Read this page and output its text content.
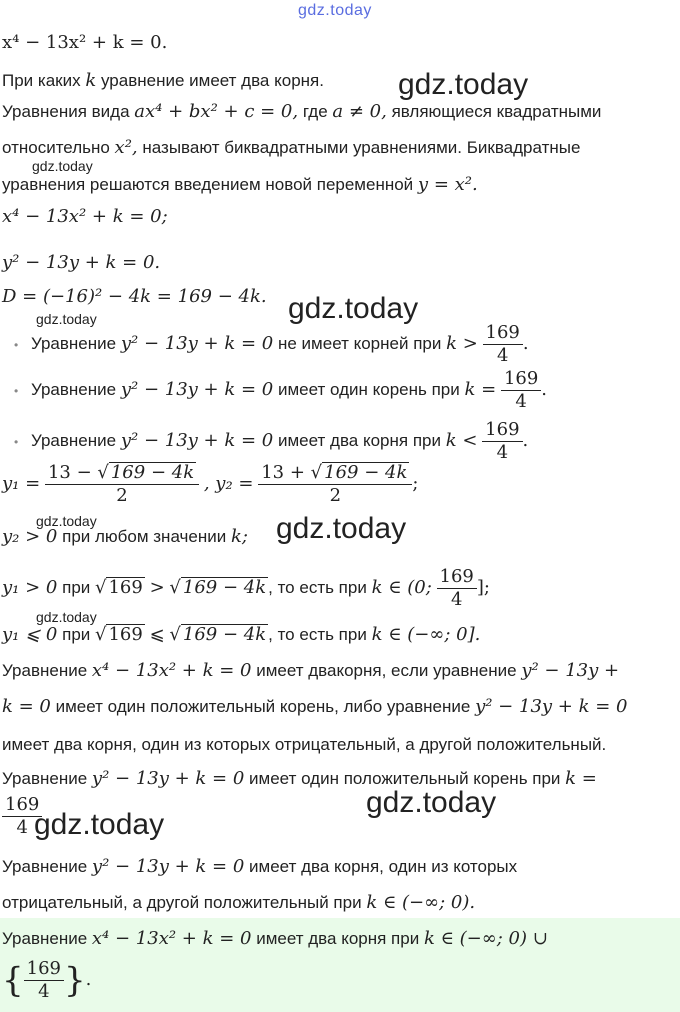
gdz.today
x⁴ − 13x² + k = 0.
При каких k уравнение имеет два корня. gdz.today
Уравнения вида ax⁴ + bx² + c = 0, где a ≠ 0, являющиеся квадратными
относительно x², называют биквадратными уравнениями. Биквадратные
gdz.today
уравнения решаются введением новой переменной y = x².
x⁴ − 13x² + k = 0;
y² − 13y + k = 0.
D = (−16)² − 4k = 169 − 4k. gdz.today
gdz.today
• Уравнение y² − 13y + k = 0 не имеет корней при $k > \frac{169}{4}$ .
• Уравнение y² − 13y + k = 0 имеет один корень при $k = \frac{169}{4}$ .
• Уравнение y² − 13y + k = 0 имеет два корня при $k < \frac{169}{4}$ .
$y_1 = \frac{13 - √ 169 - 4k}{2}$ , $y_2 = \frac{13 + √ 169 - 4k}{2}$ ;
gdz.today
y₂ > 0 при любом значении k; gdz.today
y₁ > 0 при √ 169 > √ 169 − 4k , то есть при k ∈ (0; $\frac{169}{4}$ ];
gdz.today
y₁ ⩽ 0 при √ 169 ⩽ √ 169 − 4k , то есть при k ∈ (−∞; 0].
Уравнение x⁴ − 13x² + k = 0 имеет двакорня, если уравнение y² − 13y +
k = 0 имеет один положительный корень, либо уравнение y² − 13y + k = 0
имеет два корня, один из которых отрицательный, а другой положительный.
Уравнение y² − 13y + k = 0 имеет один положительный корень при k =
gdz.today
$\frac{169}{4}$
gdz.today
Уравнение y² − 13y + k = 0 имеет два корня, один из которых
отрицательный, а другой положительный при k ∈ (−∞; 0).
Уравнение x⁴ − 13x² + k = 0 имеет два корня при k ∈ (−∞; 0) ∪
{ $\frac{169}{4}$ }.
